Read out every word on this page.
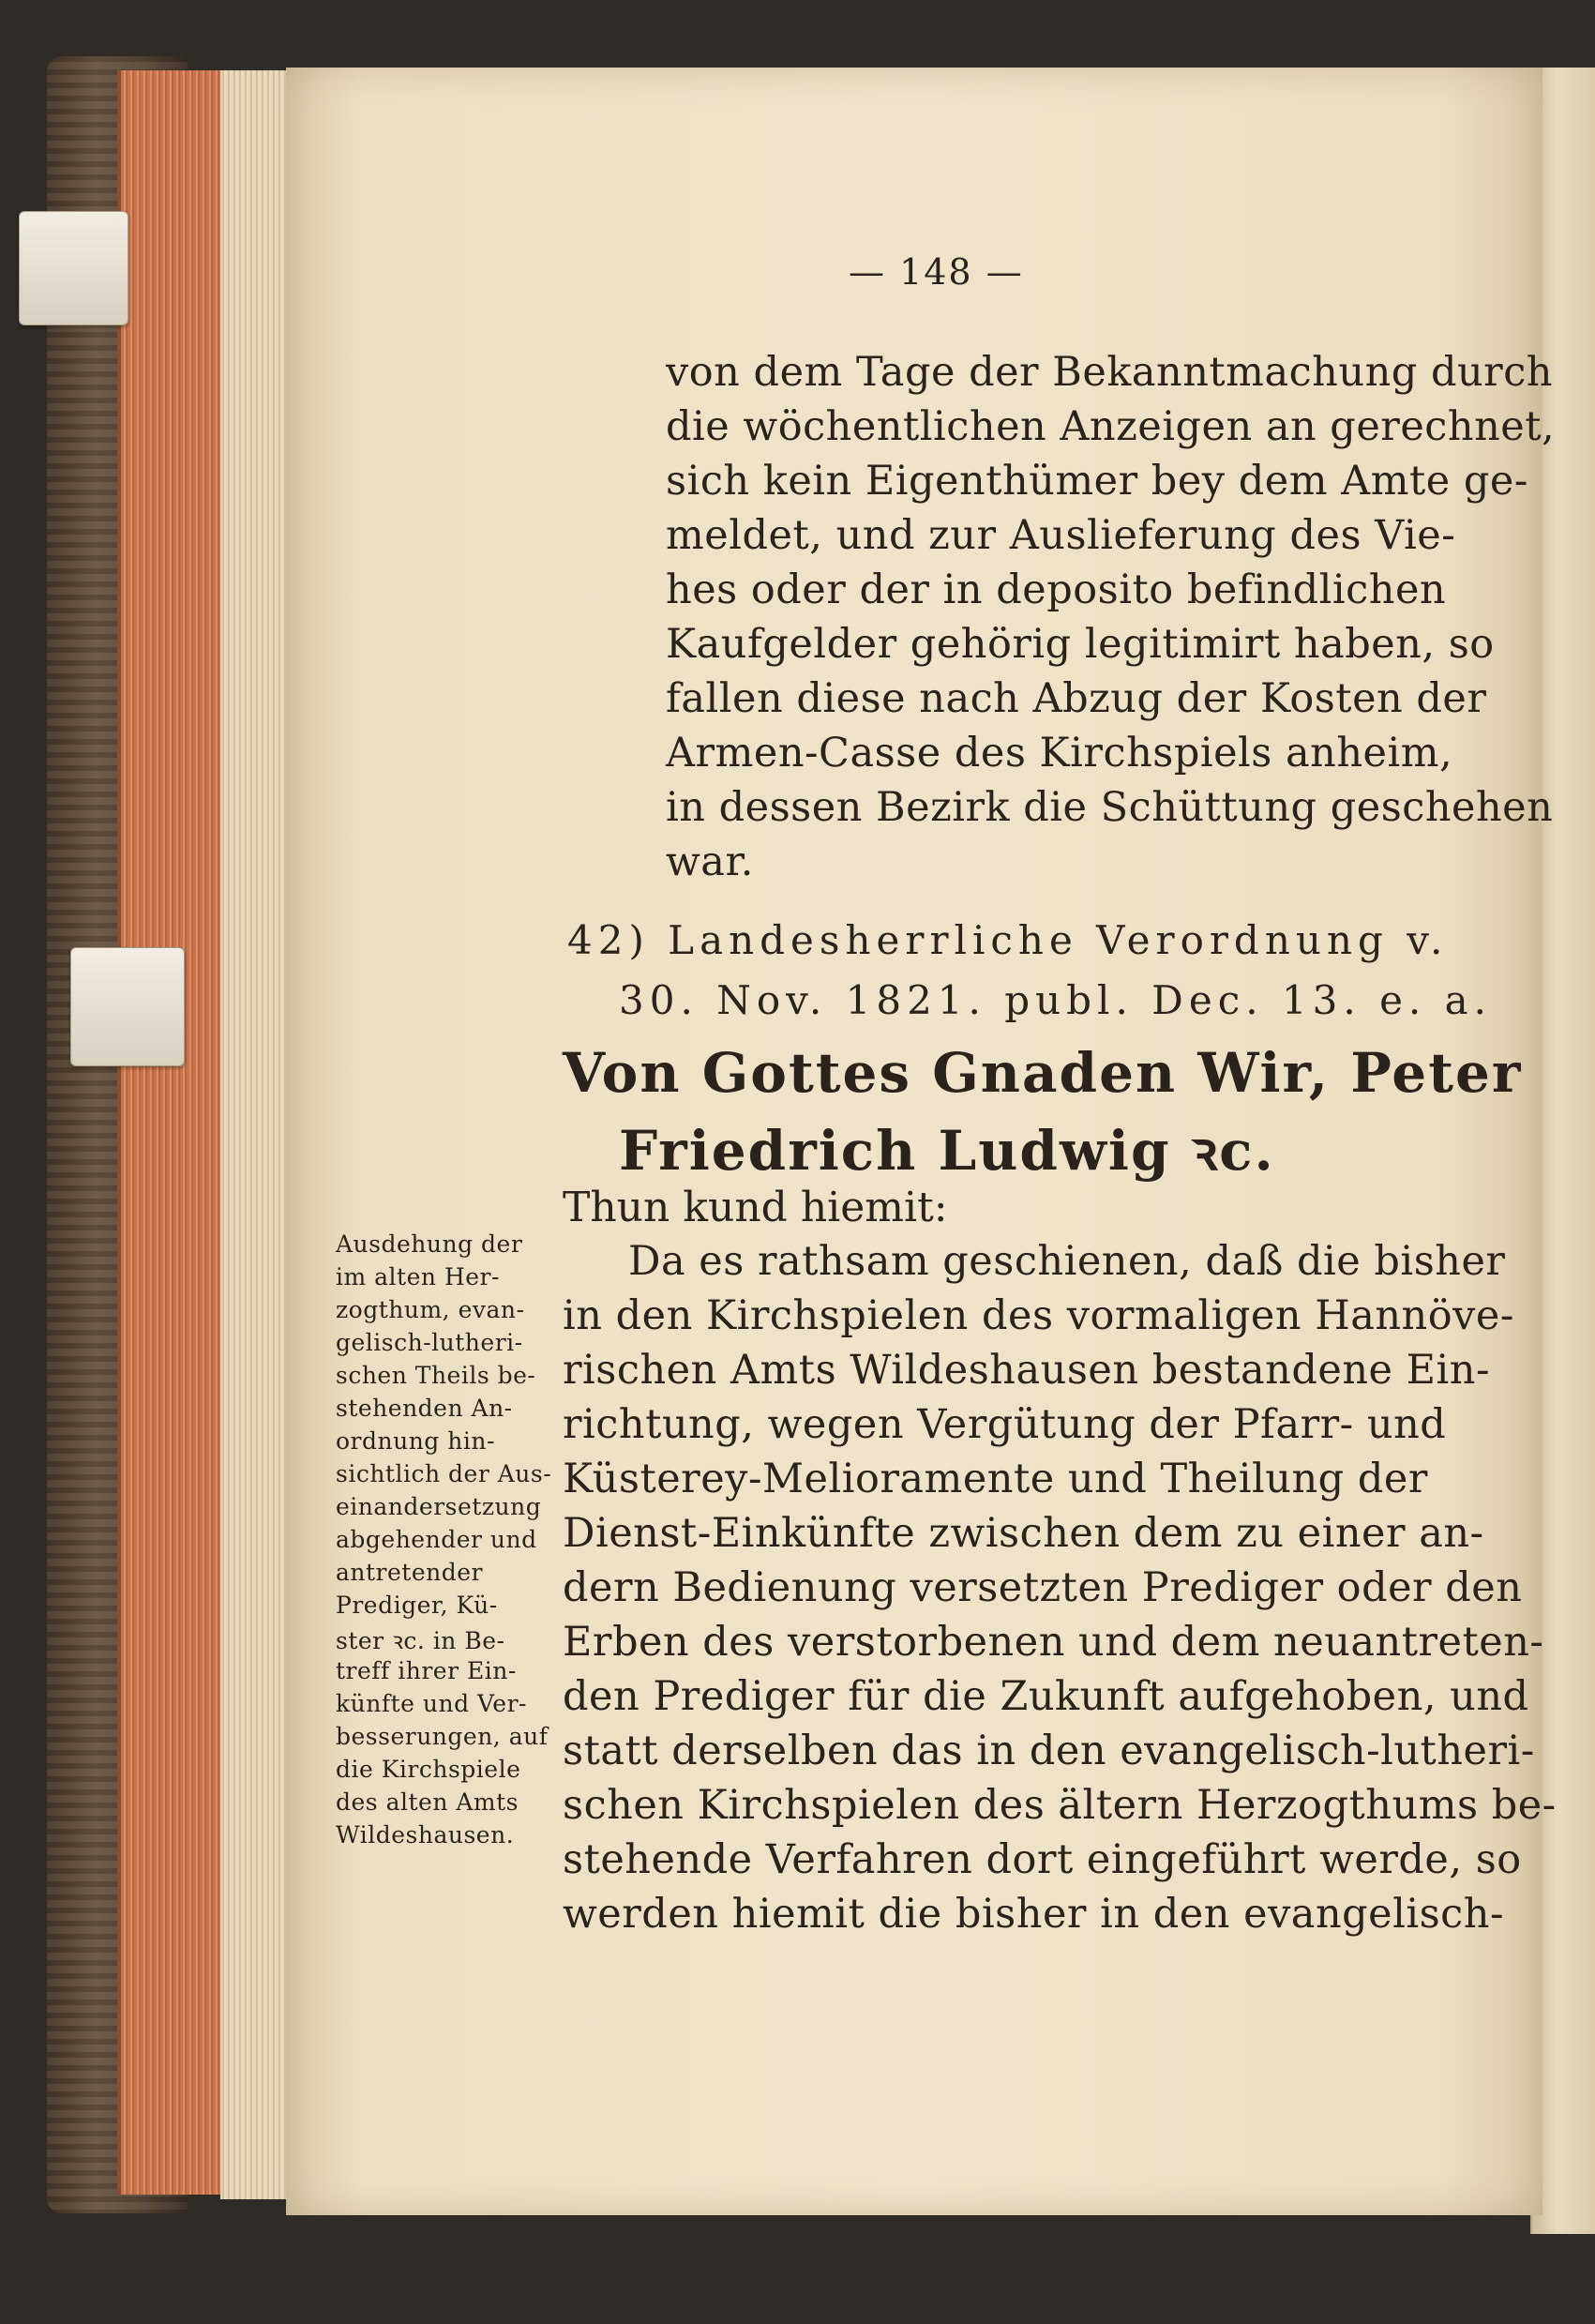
— 148 —
von dem Tage der Bekanntmachung durch
die wöchentlichen Anzeigen an gerechnet,
sich kein Eigenthümer bey dem Amte ge-
meldet, und zur Auslieferung des Vie-
hes oder der in deposito befindlichen
Kaufgelder gehörig legitimirt haben, so
fallen diese nach Abzug der Kosten der
Armen-Casse des Kirchspiels anheim,
in dessen Bezirk die Schüttung geschehen
war.
42) Landesherrliche Verordnung v.
30. Nov. 1821. publ. Dec. 13. e. a.
Von Gottes Gnaden Wir, Peter
Friedrich Ludwig ꝛc.
Thun kund hiemit:
Da es rathsam geschienen, daß die bisher
in den Kirchspielen des vormaligen Hannöve-
rischen Amts Wildeshausen bestandene Ein-
richtung, wegen Vergütung der Pfarr- und
Küsterey-Melioramente und Theilung der
Dienst-Einkünfte zwischen dem zu einer an-
dern Bedienung versetzten Prediger oder den
Erben des verstorbenen und dem neuantreten-
den Prediger für die Zukunft aufgehoben, und
statt derselben das in den evangelisch-lutheri-
schen Kirchspielen des ältern Herzogthums be-
stehende Verfahren dort eingeführt werde, so
werden hiemit die bisher in den evangelisch-
Ausdehung der
im alten Her-
zogthum, evan-
gelisch-lutheri-
schen Theils be-
stehenden An-
ordnung hin-
sichtlich der Aus-
einandersetzung
abgehender und
antretender
Prediger, Kü-
ster ꝛc. in Be-
treff ihrer Ein-
künfte und Ver-
besserungen, auf
die Kirchspiele
des alten Amts
Wildeshausen.
